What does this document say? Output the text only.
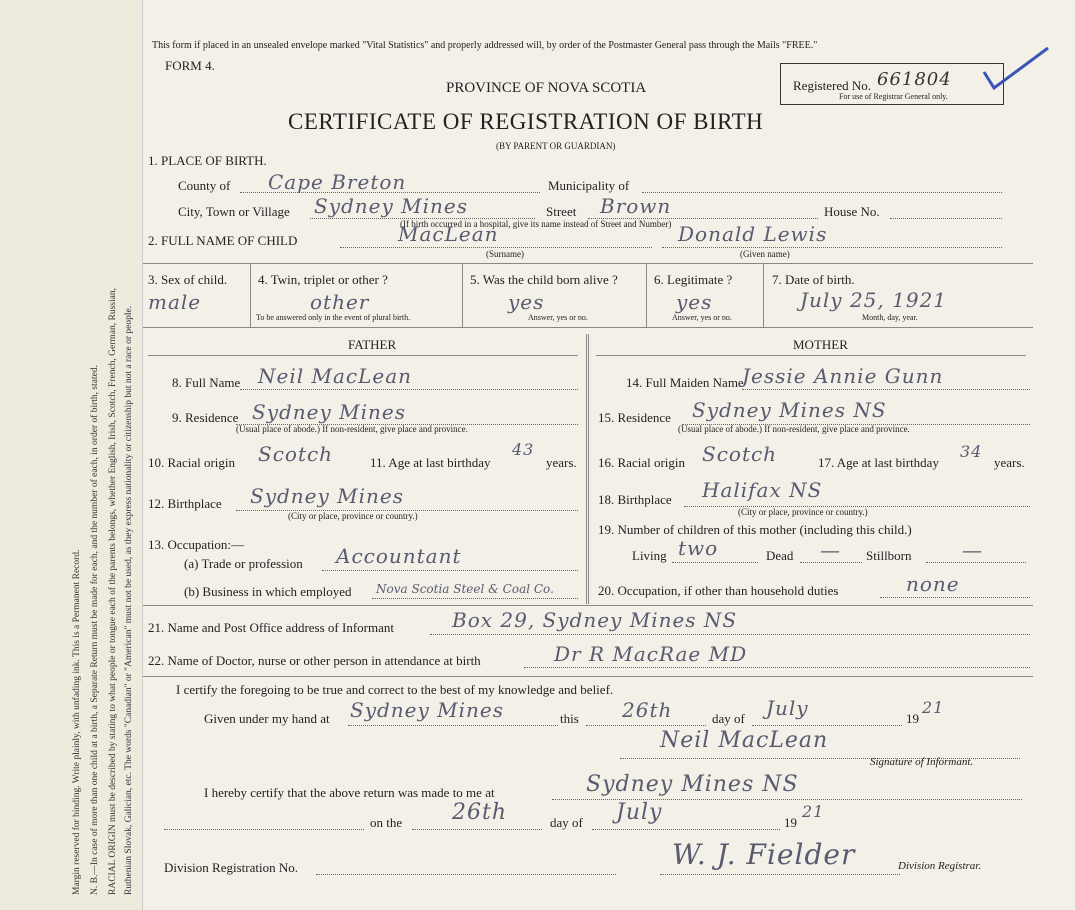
Margin reserved for binding. Write plainly, with unfading ink. This is a Permanent Record. N. B.—In case of more than one child at a birth, a Separate Return must be made for each, and the number of each, in order of birth, stated. RACIAL ORIGIN must be described by stating to what people or tongue each of the parents belongs, whether English, Irish, Scotch, French, German, Russian, Ruthenian Slovak, Galician, etc. The words "Canadian" or "American" must not be used, as they express nationality or citizenship but not a race or people.
This form if placed in an unsealed envelope marked "Vital Statistics" and properly addressed will, by order of the Postmaster General pass through the Mails "FREE."
FORM 4.
PROVINCE OF NOVA SCOTIA
CERTIFICATE OF REGISTRATION OF BIRTH
(BY PARENT OR GUARDIAN)
Registered No. 661804
For use of Registrar General only.
1. PLACE OF BIRTH.
County of Cape Breton	Municipality of
City, Town or Village Sydney Mines	Street Brown	House No.
(If birth occurred in a hospital, give its name instead of Street and Number)
2. FULL NAME OF CHILD	MacLean	Donald Lewis
(Surname)	(Given name)
3. Sex of child.
male
4. Twin, triplet or other ?
other
To be answered only in the event of plural birth.
5. Was the child born alive ?
yes
Answer, yes or no.
6. Legitimate ?
yes
Answer, yes or no.
7. Date of birth.
July 25, 1921
Month, day, year.
FATHER	MOTHER
8. Full Name Neil MacLean
9. Residence Sydney Mines
(Usual place of abode.) If non-resident, give place and province.
10. Racial origin Scotch	11. Age at last birthday
43
years.
12. Birthplace Sydney Mines
(City or place, province or country.)
13. Occupation:—
(a) Trade or profession Accountant
(b) Business in which employed Nova Scotia Steel & Coal Co.
14. Full Maiden Name
Jessie Annie Gunn
15. Residence Sydney Mines NS
(Usual place of abode.) If non-resident, give place and province.
16. Racial origin Scotch	17. Age at last birthday
34
years.
18. Birthplace Halifax NS
(City or place, province or country.)
19. Number of children of this mother (including this child.)
Living two	Dead — Stillborn	—
20. Occupation, if other than household duties	none
21. Name and Post Office address of Informant	Box 29, Sydney Mines NS
22. Name of Doctor, nurse or other person in attendance at birth	Dr R MacRae MD
I certify the foregoing to be true and correct to the best of my knowledge and belief.
Given under my hand at Sydney Mines	this 26th	day of July	19
21
Neil MacLean
Signature of Informant.
I hereby certify that the above return was made to me at	Sydney Mines NS
on the 26th	day of July	19
21
Division Registration No.	W. J. Fielder	Division Registrar.
